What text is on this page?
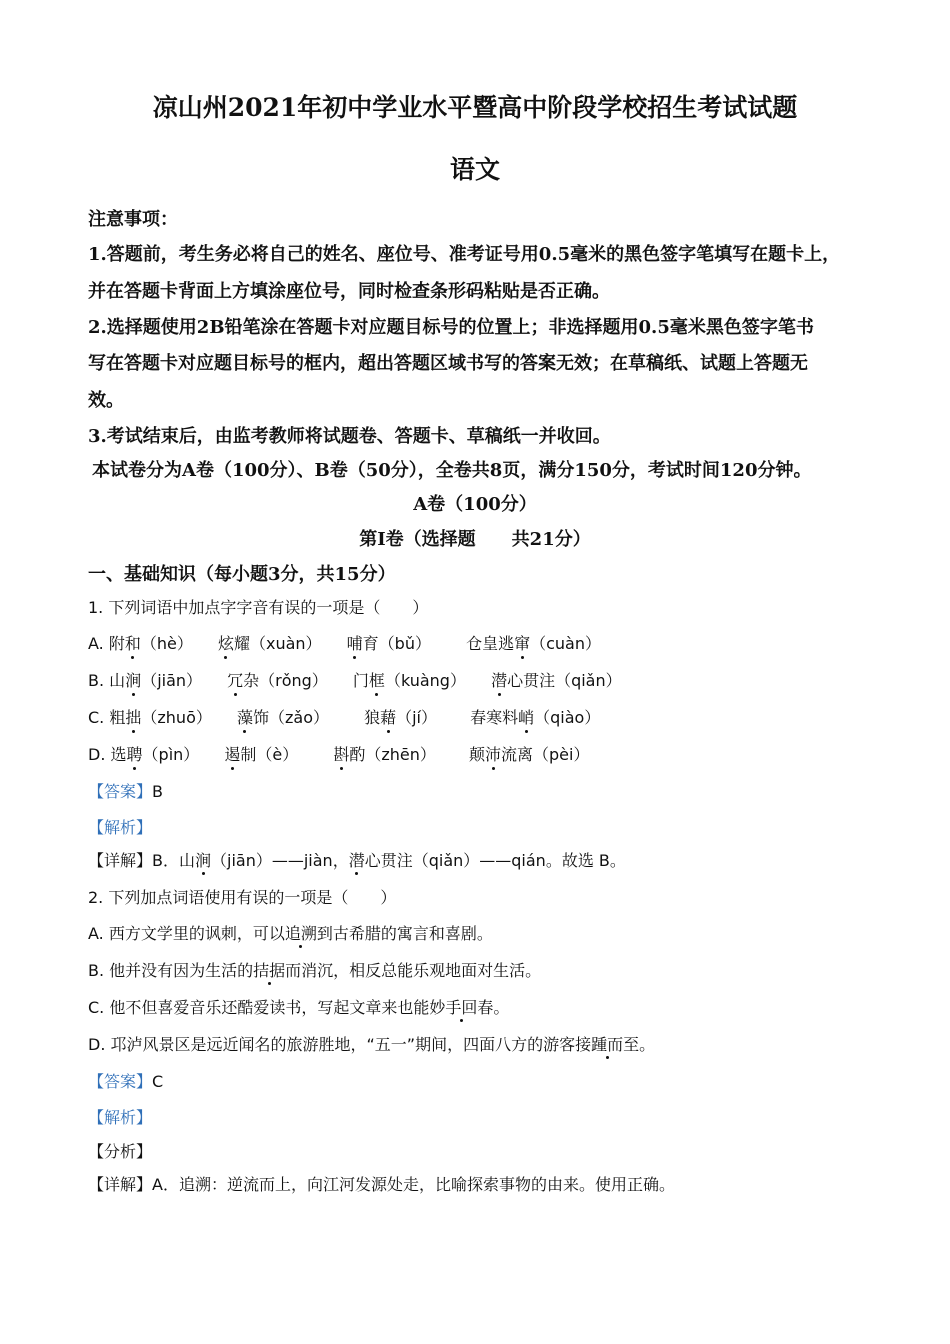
凉山州2021年初中学业水平暨高中阶段学校招生考试试题
语文
注意事项：
1.答题前，考生务必将自己的姓名、座位号、准考证号用0.5毫米的黑色签字笔填写在题卡上，
并在答题卡背面上方填涂座位号，同时检查条形码粘贴是否正确。
2.选择题使用2B铅笔涂在答题卡对应题目标号的位置上；非选择题用0.5毫米黑色签字笔书
写在答题卡对应题目标号的框内，超出答题区域书写的答案无效；在草稿纸、试题上答题无
效。
3.考试结束后，由监考教师将试题卷、答题卡、草稿纸一并收回。
本试卷分为A卷（100分）、B卷（50分），全卷共8页，满分150分，考试时间120分钟。
A卷（100分）
第Ⅰ卷（选择题　　共21分）
一、基础知识（每小题3分，共15分）
1. 下列词语中加点字字音有误的一项是（　　）
A. 附和（hè） 炫耀（xuàn） 哺育（bǔ） 仓皇逃窜（cuàn）
B. 山涧（jiān） 冗杂（rǒng） 门框（kuàng） 潜心贯注（qiǎn）
C. 粗拙（zhuō） 藻饰（zǎo） 狼藉（jí） 春寒料峭（qiào）
D. 选聘（pìn） 遏制（è） 斟酌（zhēn） 颠沛流离（pèi）
【答案】B
【解析】
【详解】B．山涧（jiān）——jiàn，潜心贯注（qiǎn）——qián。故选 B。
2. 下列加点词语使用有误的一项是（　　）
A. 西方文学里的讽刺，可以追溯到古希腊的寓言和喜剧。
B. 他并没有因为生活的拮据而消沉，相反总能乐观地面对生活。
C. 他不但喜爱音乐还酷爱读书，写起文章来也能妙手回春。
D. 邛泸风景区是远近闻名的旅游胜地，“五一”期间，四面八方的游客接踵而至。
【答案】C
【解析】
【分析】
【详解】A．追溯：逆流而上，向江河发源处走，比喻探索事物的由来。使用正确。
